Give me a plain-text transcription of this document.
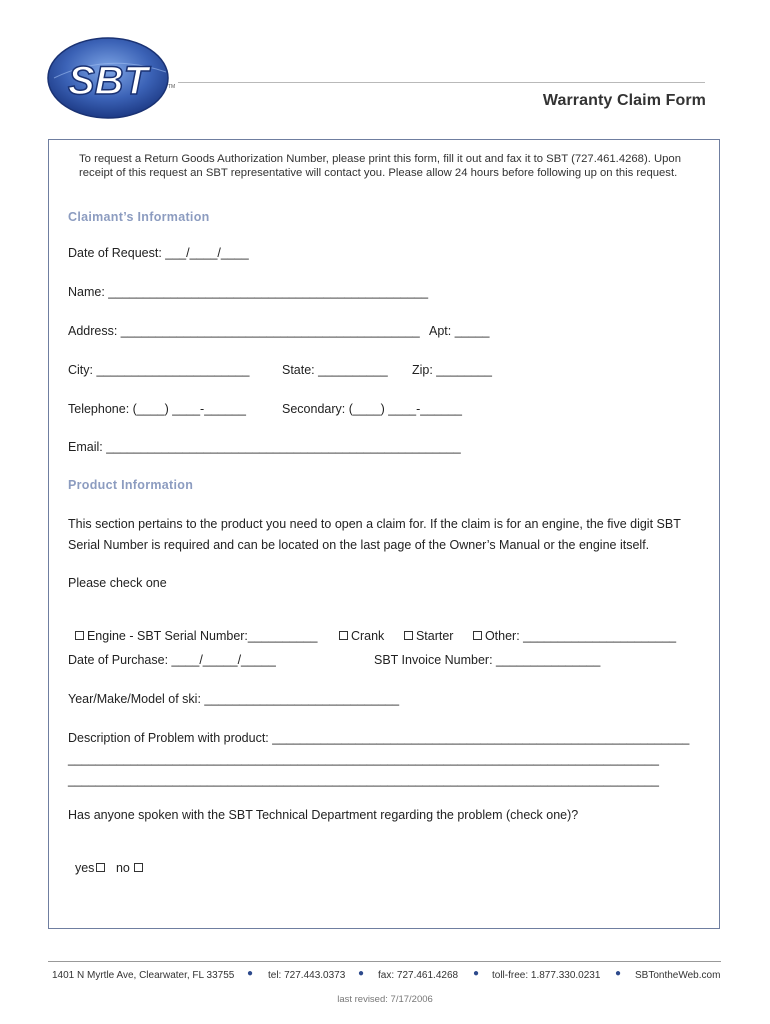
SBT	TM
Warranty Claim Form
To request a Return Goods Authorization Number, please print this form, fill it out and fax it to SBT (727.461.4268). Upon
receipt of this request an SBT representative will contact you. Please allow 24 hours before following up on this request.
Claimant’s Information
Date of Request: ___/____/____
Name: ______________________________________________
Address: ___________________________________________ Apt: _____
City: ______________________	State: __________ Zip: ________
Telephone: (____) ____-______	Secondary: (____) ____-______
Email: ___________________________________________________
Product Information
This section pertains to the product you need to open a claim for. If the claim is for an engine, the five digit SBT
Serial Number is required and can be located on the last page of the Owner’s Manual or the engine itself.
Please check one

Engine - SBT Serial Number:__________	Crank	Starter	Other: ______________________

Date of Purchase: ____/_____/_____	SBT Invoice Number: _______________
Year/Make/Model of ski: ____________________________
Description of Problem with product: ____________________________________________________________
_____________________________________________________________________________________
_____________________________________________________________________________________
Has anyone spoken with the SBT Technical Department regarding the problem (check one)?

yes	no

1401 N Myrtle Ave, Clearwater, FL 33755 ● tel: 727.443.0373 ● fax: 727.461.4268 ● toll-free: 1.877.330.0231 ● SBTontheWeb.com
last revised: 7/17/2006
